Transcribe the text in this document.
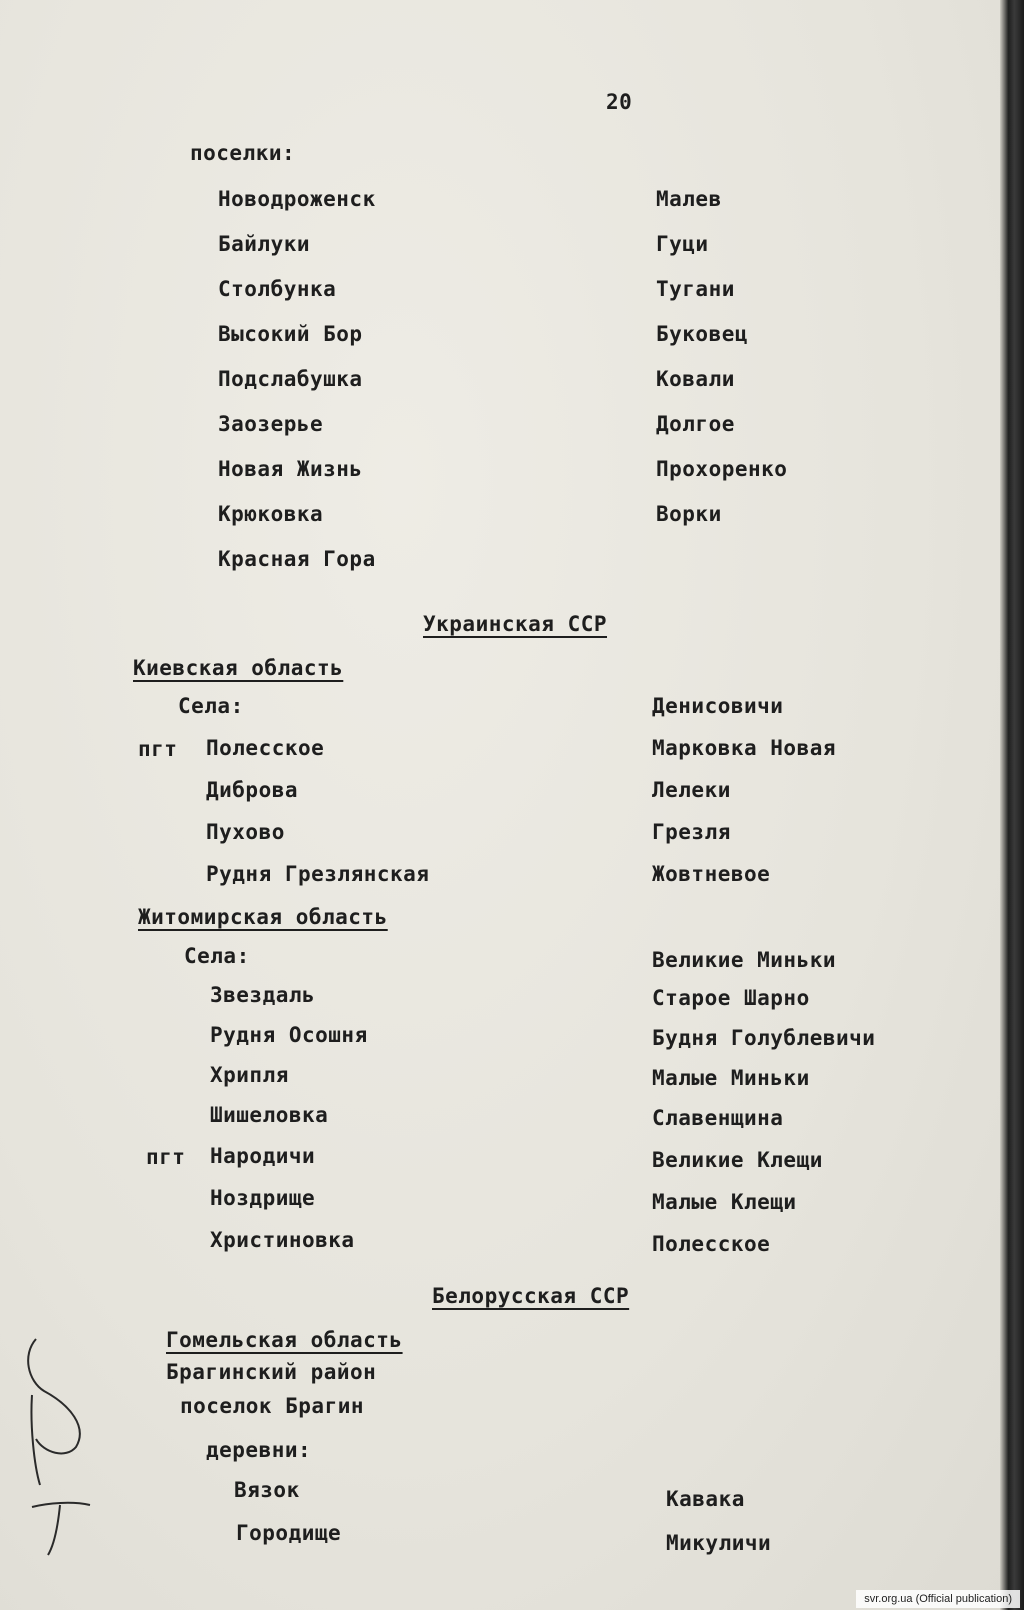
20
поселки:
Новодроженск
Байлуки
Столбунка
Высокий Бор
Подслабушка
Заозерье
Новая Жизнь
Крюковка
Красная Гора
Малев
Гуци
Тугани
Буковец
Ковали
Долгое
Прохоренко
Ворки
Украинская ССР
Киевская область
Села:
пгт Полесское
Диброва
Пухово
Рудня Грезлянская
Денисовичи
Марковка Новая
Лелеки
Грезля
Жовтневое
Житомирская область
Села:
Звездаль
Рудня Осошня
Хрипля
Шишеловка
пгт Народичи
Ноздрище
Христиновка
Великие Миньки
Старое Шарно
Будня Голублевичи
Малые Миньки
Славенщина
Великие Клещи
Малые Клещи
Полесское
Белорусская ССР
Гомельская область
Брагинский район
поселок Брагин
деревни:
Вязок
Городище
Кавака
Микуличи
svr.org.ua (Official publication)
